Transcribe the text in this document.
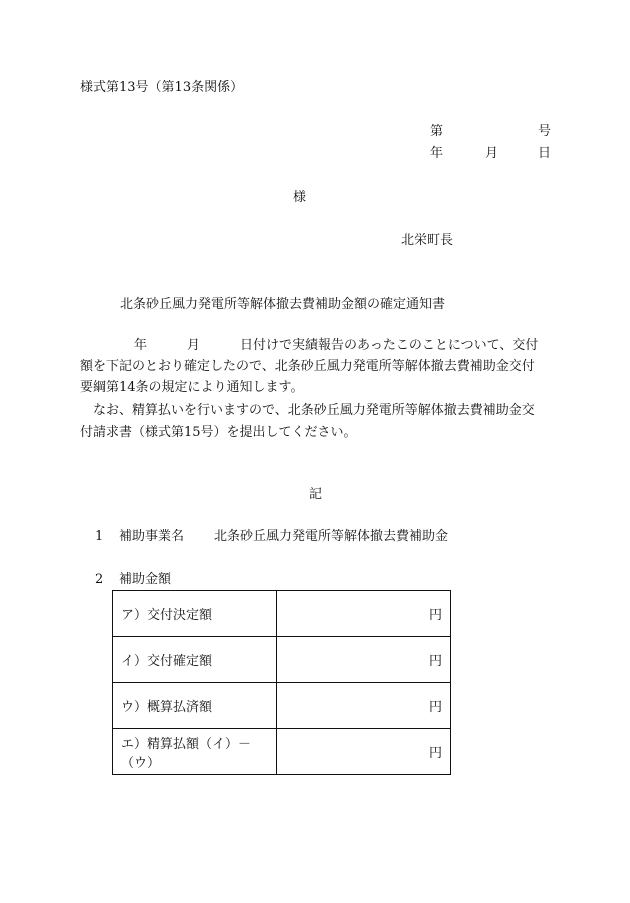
様式第13号（第13条関係）
第	号
年	月	日
様
北栄町長
北条砂丘風力発電所等解体撤去費補助金額の確定通知書
年	月	日付けで実績報告のあったこのことについて、交付
額を下記のとおり確定したので、北条砂丘風力発電所等解体撤去費補助金交付
要綱第14条の規定により通知します。
なお、精算払いを行いますので、北条砂丘風力発電所等解体撤去費補助金交
付請求書（様式第15号）を提出してください。
記
1 補助事業名 北条砂丘風力発電所等解体撤去費補助金
2 補助金額
ア）交付決定額	円
イ）交付確定額	円
ウ）概算払済額	円
エ）精算払額（イ）－（ウ）	円
